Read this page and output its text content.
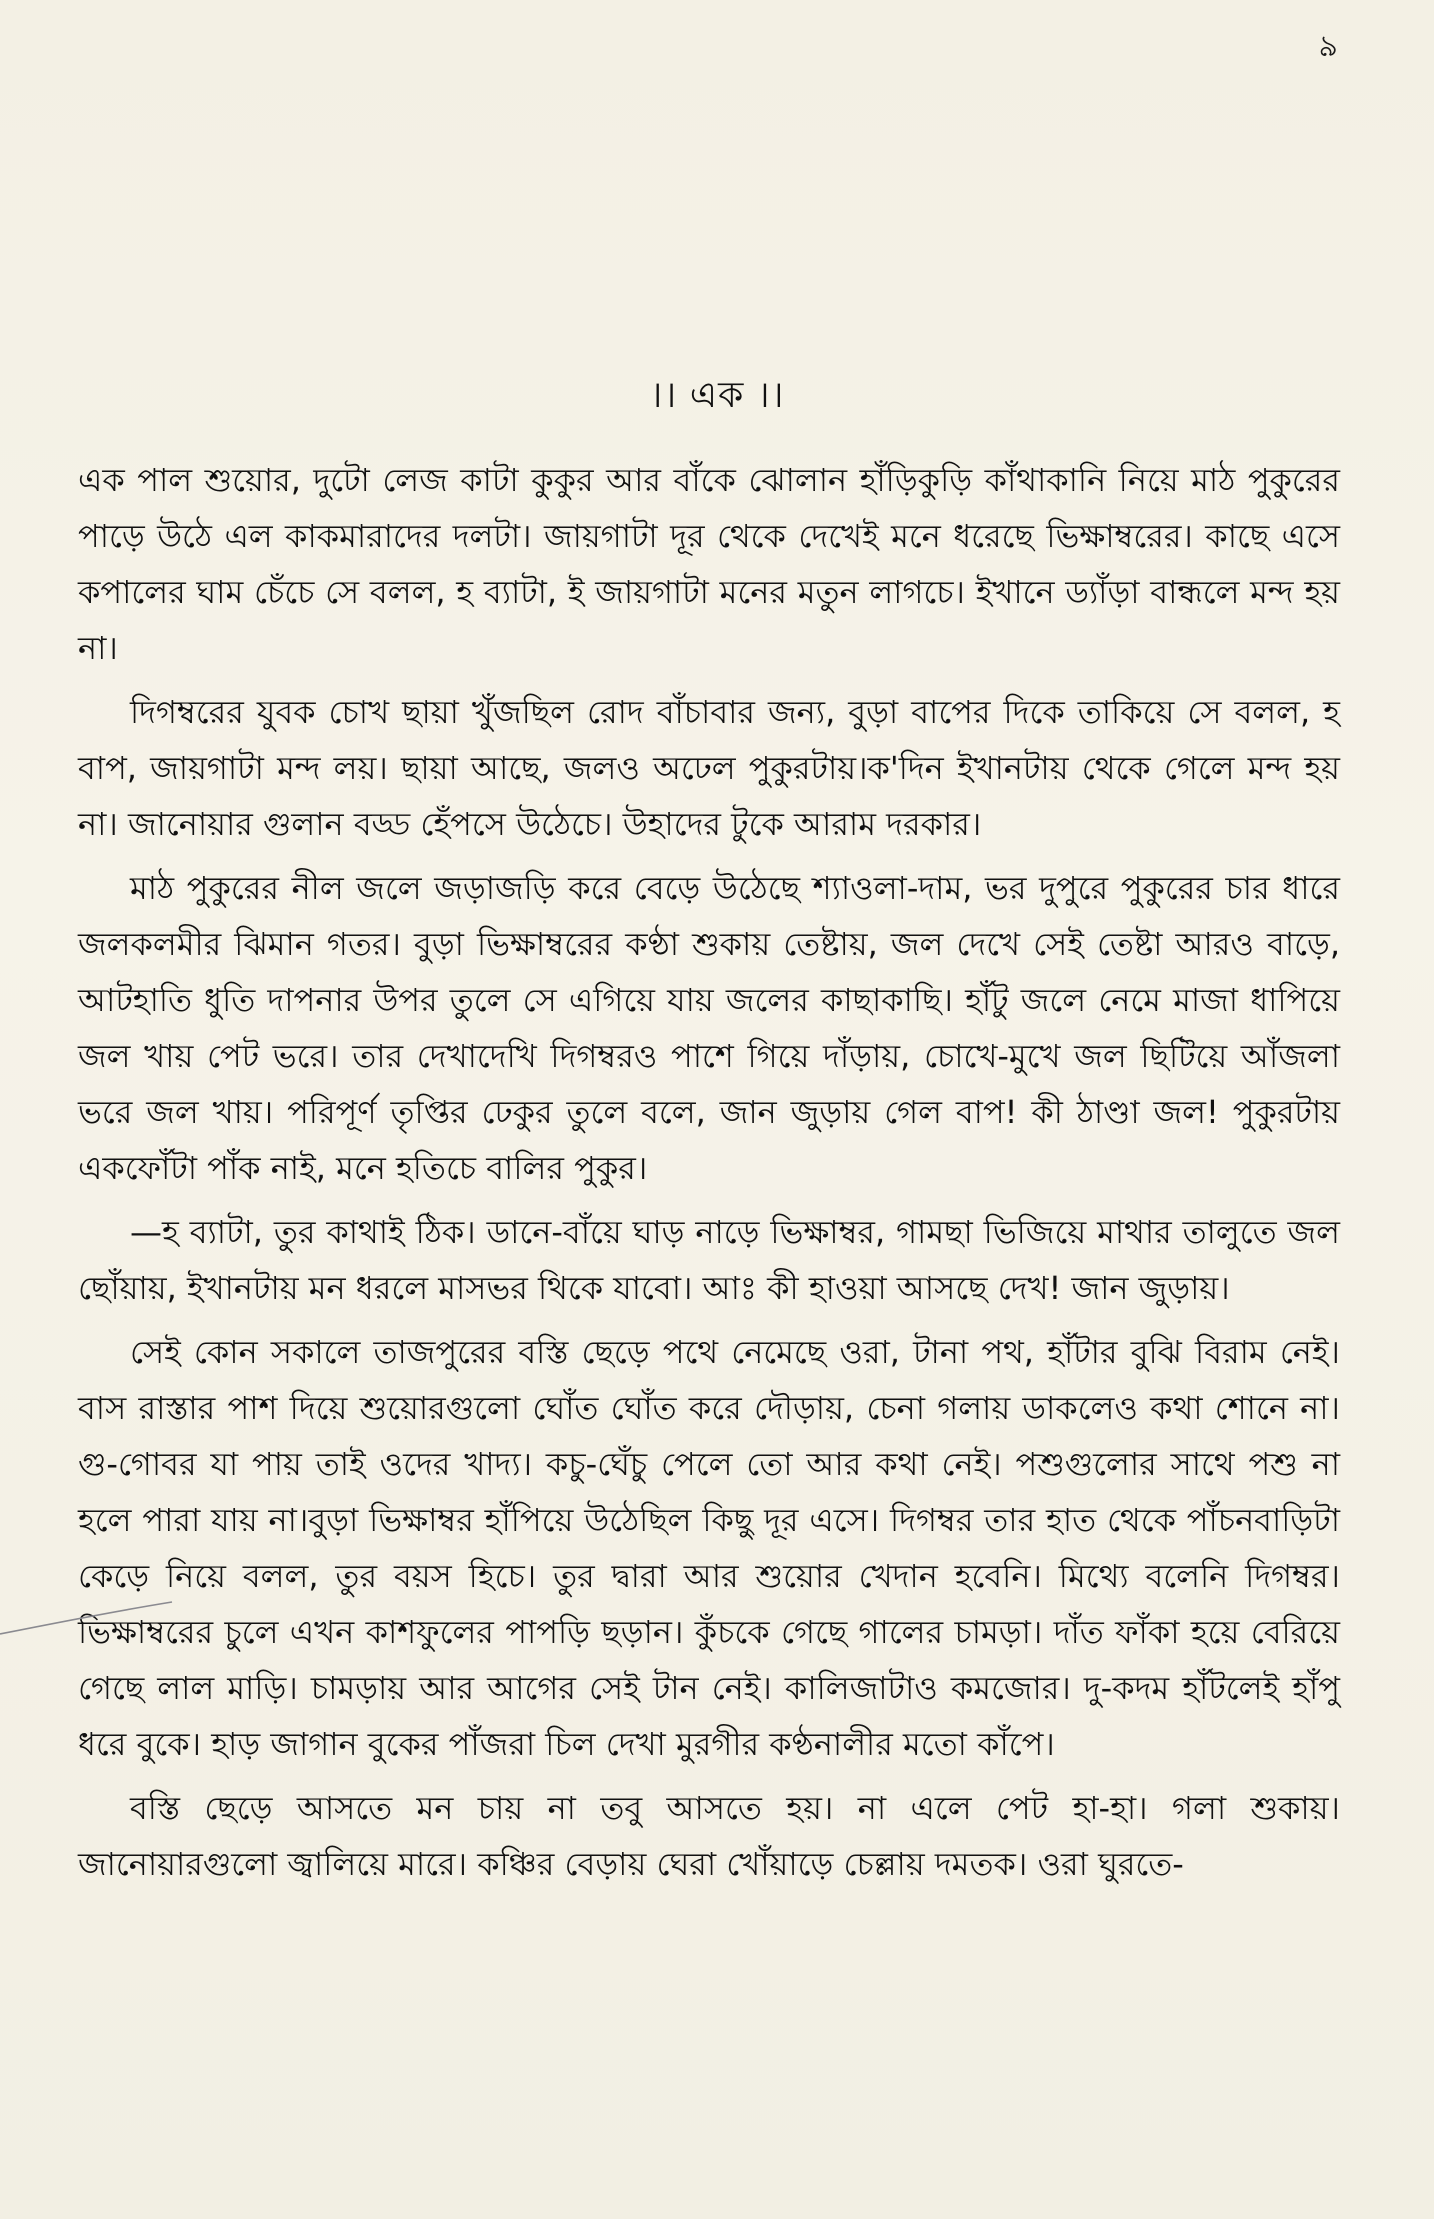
৯
।। এক ।।

এক পাল শুয়োর, দুটো লেজ কাটা কুকুর আর বাঁকে ঝোলান হাঁড়িকুড়ি কাঁথাকানি নিয়ে মাঠ পুকুরের পাড়ে উঠে এল কাকমারাদের দলটা। জায়গাটা দূর থেকে দেখেই মনে ধরেছে ভিক্ষাম্বরের। কাছে এসে কপালের ঘাম চেঁচে সে বলল, হ ব্যাটা, ই জায়গাটা মনের মতুন লাগচে। ইখানে ড্যাঁড়া বান্ধলে মন্দ হয় না।

দিগম্বরের যুবক চোখ ছায়া খুঁজছিল রোদ বাঁচাবার জন্য, বুড়া বাপের দিকে তাকিয়ে সে বলল, হ বাপ, জায়গাটা মন্দ লয়। ছায়া আছে, জলও অঢেল পুকুরটায়।ক'দিন ইখানটায় থেকে গেলে মন্দ হয় না। জানোয়ার গুলান বড্ড হেঁপসে উঠেচে। উহাদের টুকে আরাম দরকার।

মাঠ পুকুরের নীল জলে জড়াজড়ি করে বেড়ে উঠেছে শ্যাওলা-দাম, ভর দুপুরে পুকুরের চার ধারে জলকলমীর ঝিমান গতর। বুড়া ভিক্ষাম্বরের কণ্ঠা শুকায় তেষ্টায়, জল দেখে সেই তেষ্টা আরও বাড়ে, আটহাতি ধুতি দাপনার উপর তুলে সে এগিয়ে যায় জলের কাছাকাছি। হাঁটু জলে নেমে মাজা ধাপিয়ে জল খায় পেট ভরে। তার দেখাদেখি দিগম্বরও পাশে গিয়ে দাঁড়ায়, চোখে-মুখে জল ছিটিয়ে আঁজলা ভরে জল খায়। পরিপূর্ণ তৃপ্তির ঢেকুর তুলে বলে, জান জুড়ায় গেল বাপ! কী ঠাণ্ডা জল! পুকুরটায় একফোঁটা পাঁক নাই, মনে হতিচে বালির পুকুর।

—হ ব্যাটা, তুর কাথাই ঠিক। ডানে-বাঁয়ে ঘাড় নাড়ে ভিক্ষাম্বর, গামছা ভিজিয়ে মাথার তালুতে জল ছোঁয়ায়, ইখানটায় মন ধরলে মাসভর থিকে যাবো। আঃ কী হাওয়া আসছে দেখ! জান জুড়ায়।

সেই কোন সকালে তাজপুরের বস্তি ছেড়ে পথে নেমেছে ওরা, টানা পথ, হাঁটার বুঝি বিরাম নেই। বাস রাস্তার পাশ দিয়ে শুয়োরগুলো ঘোঁত ঘোঁত করে দৌড়ায়, চেনা গলায় ডাকলেও কথা শোনে না। গু-গোবর যা পায় তাই ওদের খাদ্য। কচু-ঘেঁচু পেলে তো আর কথা নেই। পশুগুলোর সাথে পশু না হলে পারা যায় না।বুড়া ভিক্ষাম্বর হাঁপিয়ে উঠেছিল কিছু দূর এসে। দিগম্বর তার হাত থেকে পাঁচনবাড়িটা কেড়ে নিয়ে বলল, তুর বয়স হিচে। তুর দ্বারা আর শুয়োর খেদান হবেনি। মিথ্যে বলেনি দিগম্বর। ভিক্ষাম্বরের চুলে এখন কাশফুলের পাপড়ি ছড়ান। কুঁচকে গেছে গালের চামড়া। দাঁত ফাঁকা হয়ে বেরিয়ে গেছে লাল মাড়ি। চামড়ায় আর আগের সেই টান নেই। কালিজাটাও কমজোর। দু-কদম হাঁটলেই হাঁপু ধরে বুকে। হাড় জাগান বুকের পাঁজরা চিল দেখা মুরগীর কণ্ঠনালীর মতো কাঁপে।

বস্তি ছেড়ে আসতে মন চায় না তবু আসতে হয়। না এলে পেট হা-হা। গলা শুকায়। জানোয়ারগুলো জ্বালিয়ে মারে। কঞ্চির বেড়ায় ঘেরা খোঁয়াড়ে চেল্লায় দমতক। ওরা ঘুরতে-
